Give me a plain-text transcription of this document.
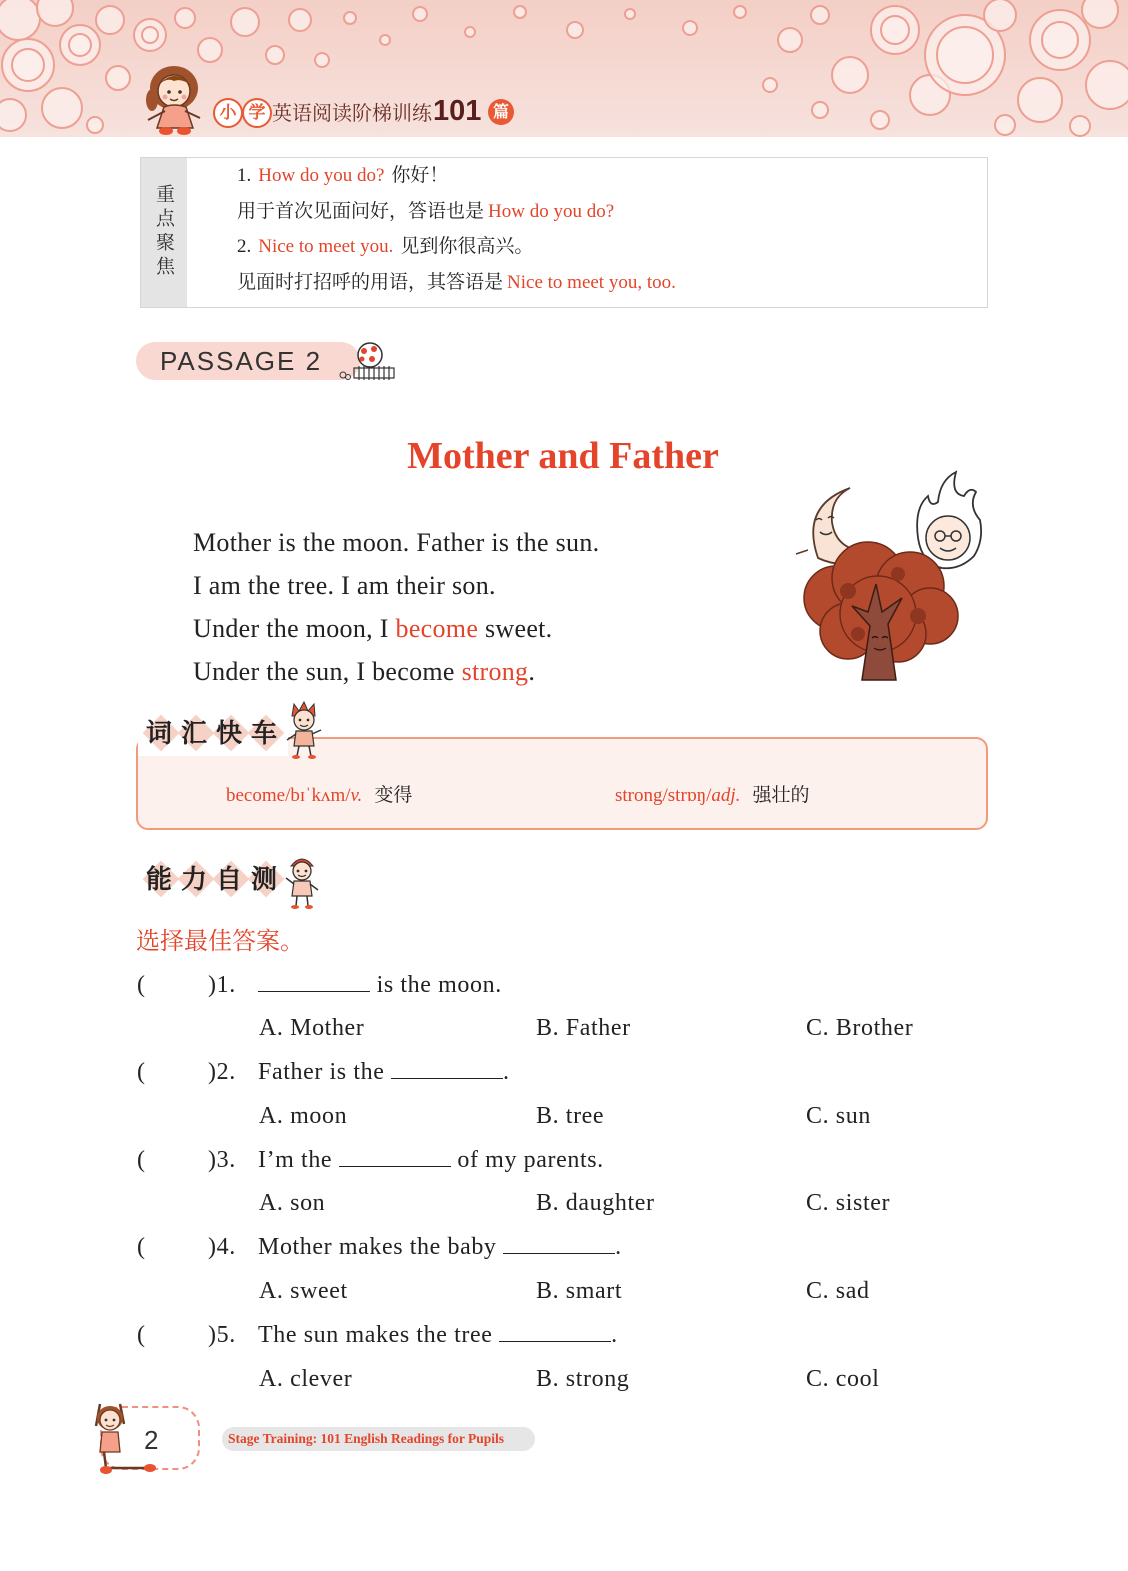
小 学 英语阅读阶梯训练 101 篇
重点聚焦
1. How do you do? 你好！
用于首次见面问好，答语也是 How do you do?
2. Nice to meet you. 见到你很高兴。
见面时打招呼的用语，其答语是 Nice to meet you, too.
PASSAGE 2
Mother and Father
Mother is the moon. Father is the sun.
I am the tree. I am their son.
Under the moon, I become sweet.
Under the sun, I become strong.
词汇快车
become/bɪˈkʌm/v. 变得	strong/strɒŋ/adj. 强壮的
能力自测
选择最佳答案。
(	)1.	is the moon.
A. Mother	B. Father	C. Brother
(	)2. Father is the	.
A. moon	B. tree	C. sun
(	)3. I’m the	of my parents.
A. son	B. daughter	C. sister
(	)4. Mother makes the baby	.
A. sweet	B. smart	C. sad
(	)5. The sun makes the tree	.
A. clever	B. strong	C. cool
2	Stage Training: 101 English Readings for Pupils
